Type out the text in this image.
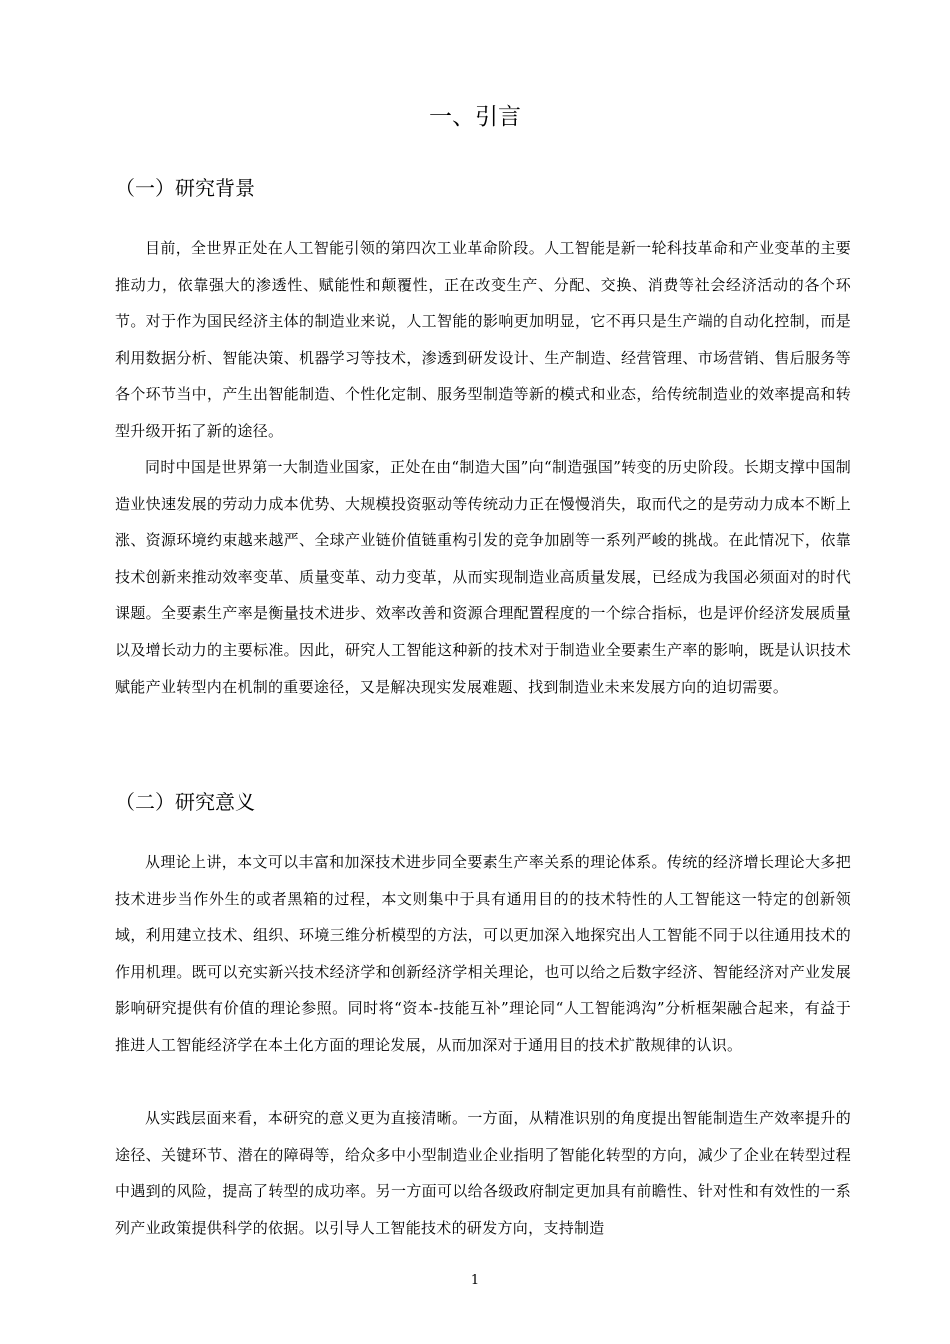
一、引言
（一）研究背景

目前，全世界正处在人工智能引领的第四次工业革命阶段。人工智能是新一轮科技革命和产业变革的主要推动力，依靠强大的渗透性、赋能性和颠覆性，正在改变生产、分配、交换、消费等社会经济活动的各个环节。对于作为国民经济主体的制造业来说，人工智能的影响更加明显，它不再只是生产端的自动化控制，而是利用数据分析、智能决策、机器学习等技术，渗透到研发设计、生产制造、经营管理、市场营销、售后服务等各个环节当中，产生出智能制造、个性化定制、服务型制造等新的模式和业态，给传统制造业的效率提高和转型升级开拓了新的途径。

同时中国是世界第一大制造业国家，正处在由“制造大国”向“制造强国”转变的历史阶段。长期支撑中国制造业快速发展的劳动力成本优势、大规模投资驱动等传统动力正在慢慢消失，取而代之的是劳动力成本不断上涨、资源环境约束越来越严、全球产业链价值链重构引发的竞争加剧等一系列严峻的挑战。在此情况下，依靠技术创新来推动效率变革、质量变革、动力变革，从而实现制造业高质量发展，已经成为我国必须面对的时代课题。全要素生产率是衡量技术进步、效率改善和资源合理配置程度的一个综合指标，也是评价经济发展质量以及增长动力的主要标准。因此，研究人工智能这种新的技术对于制造业全要素生产率的影响，既是认识技术赋能产业转型内在机制的重要途径，又是解决现实发展难题、找到制造业未来发展方向的迫切需要。

（二）研究意义

从理论上讲，本文可以丰富和加深技术进步同全要素生产率关系的理论体系。传统的经济增长理论大多把技术进步当作外生的或者黑箱的过程，本文则集中于具有通用目的的技术特性的人工智能这一特定的创新领域，利用建立技术、组织、环境三维分析模型的方法，可以更加深入地探究出人工智能不同于以往通用技术的作用机理。既可以充实新兴技术经济学和创新经济学相关理论，也可以给之后数字经济、智能经济对产业发展影响研究提供有价值的理论参照。同时将“资本-技能互补”理论同“人工智能鸿沟”分析框架融合起来，有益于推进人工智能经济学在本土化方面的理论发展，从而加深对于通用目的技术扩散规律的认识。

从实践层面来看，本研究的意义更为直接清晰。一方面，从精准识别的角度提出智能制造生产效率提升的途径、关键环节、潜在的障碍等，给众多中小型制造业企业指明了智能化转型的方向，减少了企业在转型过程中遇到的风险，提高了转型的成功率。另一方面可以给各级政府制定更加具有前瞻性、针对性和有效性的一系列产业政策提供科学的依据。以引导人工智能技术的研发方向，支持制造

1
